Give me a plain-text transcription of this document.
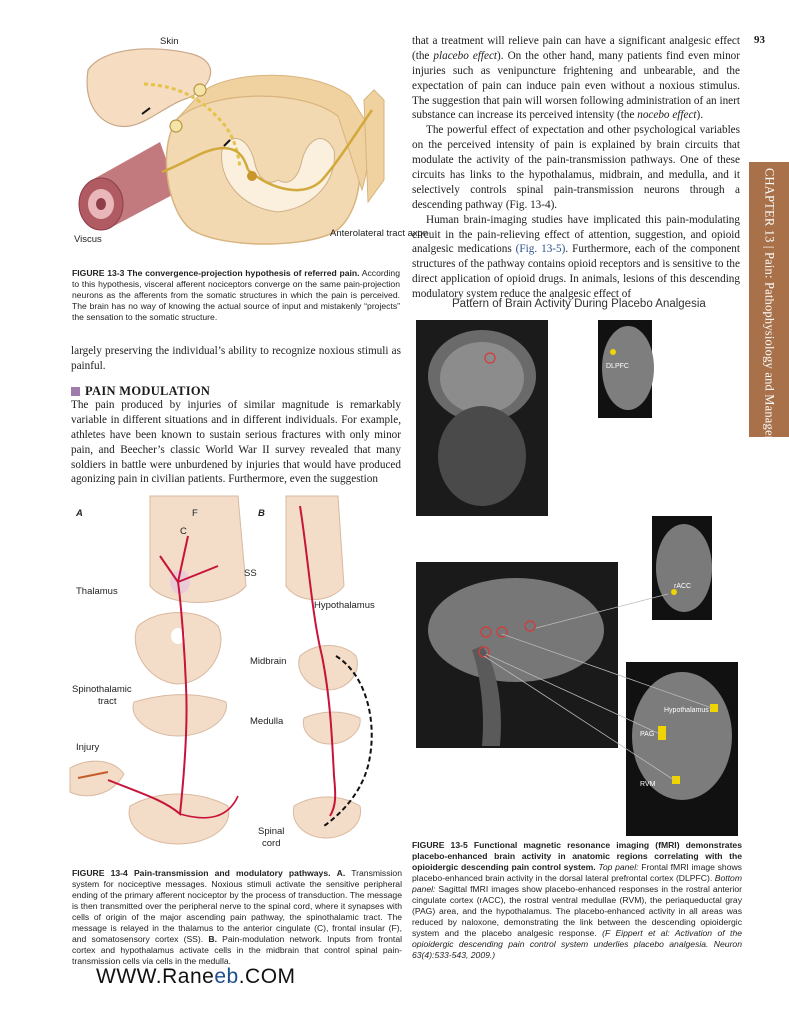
93
CHAPTER 13 | Pain: Pathophysiology and Management
Skin
Viscus
Anterolateral tract axon
FIGURE 13-3 The convergence-projection hypothesis of referred pain. According to this hypothesis, visceral afferent nociceptors converge on the same pain-projection neurons as the afferents from the somatic structures in which the pain is perceived. The brain has no way of knowing the actual source of input and mistakenly “projects” the sensation to the somatic structure.

largely preserving the individual’s ability to recognize noxious stimuli as painful.

PAIN MODULATION

The pain produced by injuries of similar magnitude is remarkably variable in different situations and in different individuals. For example, athletes have been known to sustain serious fractures with only minor pain, and Beecher’s classic World War II survey revealed that many soldiers in battle were unburdened by injuries that would have produced agonizing pain in civilian patients. Furthermore, even the suggestion

that a treatment will relieve pain can have a significant analgesic effect (the placebo effect). On the other hand, many patients find even minor injuries such as venipuncture frightening and unbearable, and the expectation of pain can induce pain even without a noxious stimulus. The suggestion that pain will worsen following administration of an inert substance can increase its perceived intensity (the nocebo effect).

The powerful effect of expectation and other psychological variables on the perceived intensity of pain is explained by brain circuits that modulate the activity of the pain-transmission pathways. One of these circuits has links to the hypothalamus, midbrain, and medulla, and it selectively controls spinal pain-transmission neurons through a descending pathway (Fig. 13-4).

Human brain-imaging studies have implicated this pain-modulating circuit in the pain-relieving effect of attention, suggestion, and opioid analgesic medications (Fig. 13-5). Furthermore, each of the component structures of the pathway contains opioid receptors and is sensitive to the direct application of opioid drugs. In animals, lesions of this descending modulatory system reduce the analgesic effect of

A	B
F
C
SS
Thalamus
Hypothalamus
Midbrain
Spinothalamic
tract
Medulla
Injury
Spinal
cord
FIGURE 13-4 Pain-transmission and modulatory pathways. A. Transmission system for nociceptive messages. Noxious stimuli activate the sensitive peripheral ending of the primary afferent nociceptor by the process of transduction. The message is then transmitted over the peripheral nerve to the spinal cord, where it synapses with cells of origin of the major ascending pain pathway, the spinothalamic tract. The message is relayed in the thalamus to the anterior cingulate (C), frontal insular (F), and somatosensory cortex (SS). B. Pain-modulation network. Inputs from frontal cortex and hypothalamus activate cells in the midbrain that control spinal pain-transmission cells via cells in the medulla.
Pattern of Brain Activity During Placebo Analgesia
DLPFC
rACC
Hypothalamus
PAG
RVM
FIGURE 13-5 Functional magnetic resonance imaging (fMRI) demonstrates placebo-enhanced brain activity in anatomic regions correlating with the opioidergic descending pain control system. Top panel: Frontal fMRI image shows placebo-enhanced brain activity in the dorsal lateral prefrontal cortex (DLPFC). Bottom panel: Sagittal fMRI images show placebo-enhanced responses in the rostral anterior cingulate cortex (rACC), the rostral ventral medullae (RVM), the periaqueductal gray (PAG) area, and the hypothalamus. The placebo-enhanced activity in all areas was reduced by naloxone, demonstrating the link between the descending opioidergic system and the placebo analgesic response. (F Eippert et al: Activation of the opioidergic descending pain control system underlies placebo analgesia. Neuron 63(4):533-543, 2009.)
WWW.Raneeb.COM
